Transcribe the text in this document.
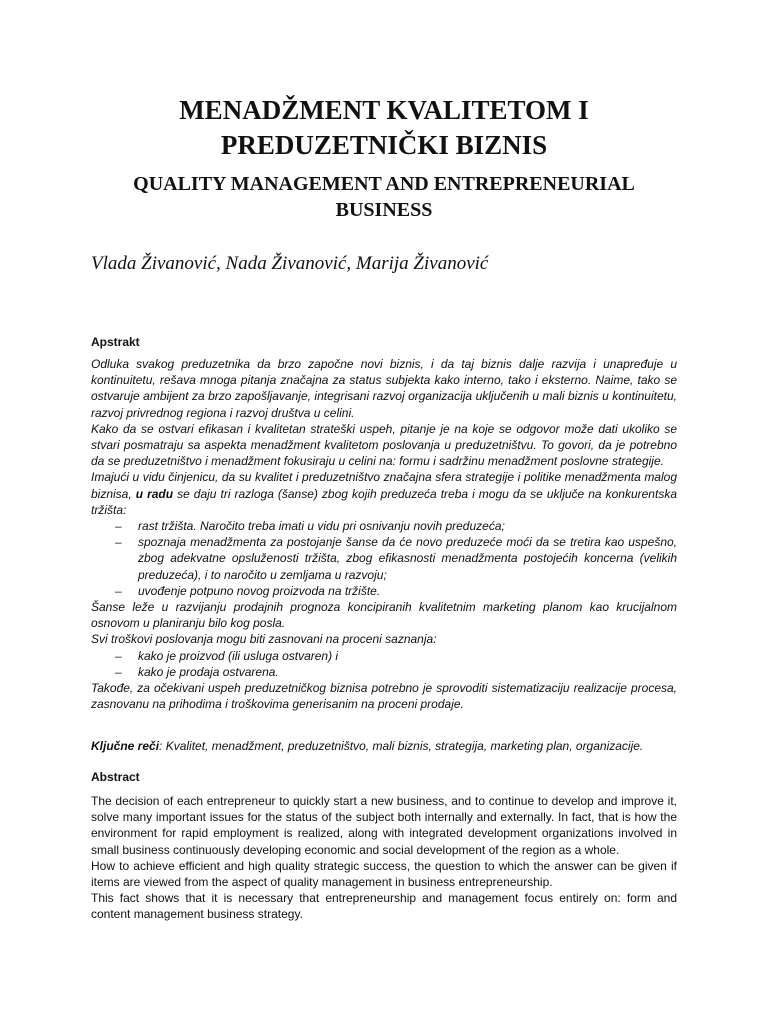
MENADŽMENT KVALITETOM I
PREDUZETNIČKI BIZNIS
QUALITY MANAGEMENT AND ENTREPRENEURIAL
BUSINESS

Vlada Živanović, Nada Živanović, Marija Živanović

Apstrakt

Odluka svakog preduzetnika da brzo započne novi biznis, i da taj biznis dalje razvija i unapređuje u kontinuitetu, rešava mnoga pitanja značajna za status subjekta kako interno, tako i eksterno. Naime, tako se ostvaruje ambijent za brzo zapošljavanje, integrisani razvoj organizacija uključenih u mali biznis u kontinuitetu, razvoj privrednog regiona i razvoj društva u celini.

Kako da se ostvari efikasan i kvalitetan strateški uspeh, pitanje je na koje se odgovor može dati ukoliko se stvari posmatraju sa aspekta menadžment kvalitetom poslovanja u preduzetništvu. To govori, da je potrebno da se preduzetništvo i menadžment fokusiraju u celini na: formu i sadržinu menadžment poslovne strategije.

Imajući u vidu činjenicu, da su kvalitet i preduzetništvo značajna sfera strategije i politike menadžmenta malog biznisa, u radu se daju tri razloga (šanse) zbog kojih preduzeća treba i mogu da se uključe na konkurentska tržišta:

– rast tržišta. Naročito treba imati u vidu pri osnivanju novih preduzeća;
– spoznaja menadžmenta za postojanje šanse da će novo preduzeće moći da se tretira kao uspešno, zbog adekvatne opsluženosti tržišta, zbog efikasnosti menadžmenta postojećih koncerna (velikih preduzeća), i to naročito u zemljama u razvoju;
– uvođenje potpuno novog proizvoda na tržište.

Šanse leže u razvijanju prodajnih prognoza koncipiranih kvalitetnim marketing planom kao krucijalnom osnovom u planiranju bilo kog posla.

Svi troškovi poslovanja mogu biti zasnovani na proceni saznanja:

– kako je proizvod (ili usluga ostvaren) i
– kako je prodaja ostvarena.

Takođe, za očekivani uspeh preduzetničkog biznisa potrebno je sprovoditi sistematizaciju realizacije procesa, zasnovanu na prihodima i troškovima generisanim na proceni prodaje.

Ključne reči: Kvalitet, menadžment, preduzetništvo, mali biznis, strategija, marketing plan, organizacije.

Abstract

The decision of each entrepreneur to quickly start a new business, and to continue to develop and improve it, solve many important issues for the status of the subject both internally and externally. In fact, that is how the environment for rapid employment is realized, along with integrated development organizations involved in small business continuously developing economic and social development of the region as a whole.

How to achieve efficient and high quality strategic success, the question to which the answer can be given if items are viewed from the aspect of quality management in business entrepreneurship.

This fact shows that it is necessary that entrepreneurship and management focus entirely on: form and content management business strategy.
